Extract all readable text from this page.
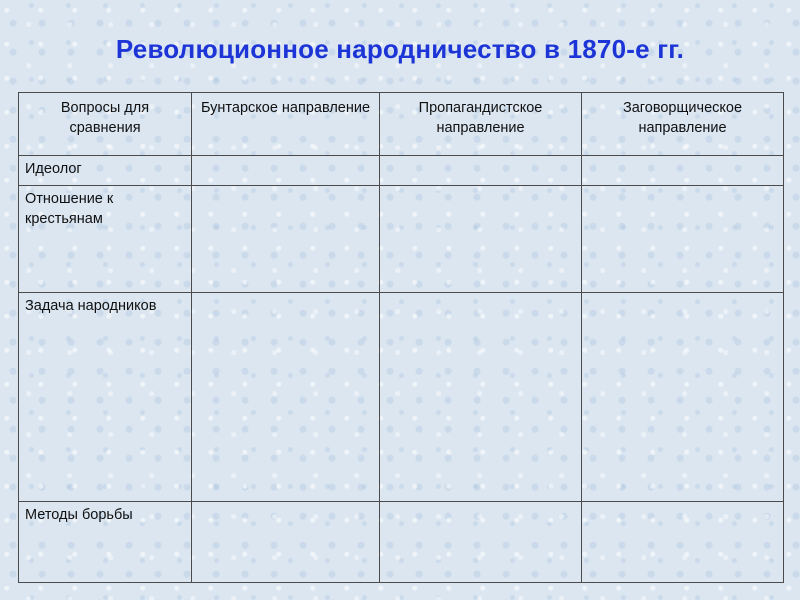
Революционное народничество в 1870-е гг.
Вопросы для сравнения	Бунтарское направление	Пропагандистское направление	Заговорщическое направление
Идеолог			
Отношение к крестьянам			
Задача народников			
Методы борьбы			
